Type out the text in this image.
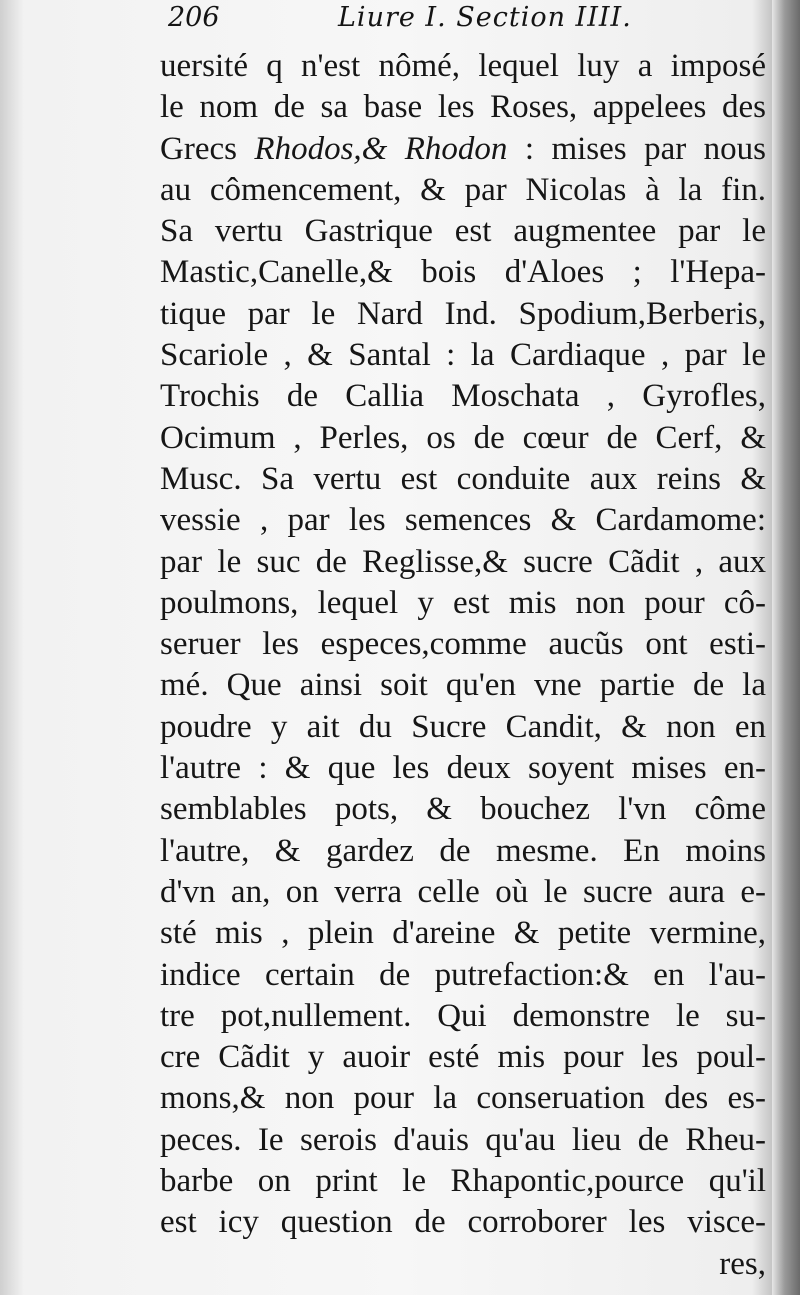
206	Liure I. Section IIII.
uersité q n'est nômé, lequel luy a imposé
le nom de sa base les Roses, appelees des
Grecs Rhodos,& Rhodon : mises par nous
au cômencement, & par Nicolas à la fin.
Sa vertu Gastrique est augmentee par le
Mastic,Canelle,& bois d'Aloes ; l'Hepa-
tique par le Nard Ind. Spodium,Berberis,
Scariole , & Santal : la Cardiaque , par le
Trochis de Callia Moschata , Gyrofles,
Ocimum , Perles, os de cœur de Cerf, &
Musc. Sa vertu est conduite aux reins &
vessie , par les semences & Cardamome:
par le suc de Reglisse,& sucre Cãdit , aux
poulmons, lequel y est mis non pour cô-
seruer les especes,comme aucũs ont esti-
mé. Que ainsi soit qu'en vne partie de la
poudre y ait du Sucre Candit, & non en
l'autre : & que les deux soyent mises en-
semblables pots, & bouchez l'vn côme
l'autre, & gardez de mesme. En moins
d'vn an, on verra celle où le sucre aura e-
sté mis , plein d'areine & petite vermine,
indice certain de putrefaction:& en l'au-
tre pot,nullement. Qui demonstre le su-
cre Cãdit y auoir esté mis pour les poul-
mons,& non pour la conseruation des es-
peces. Ie serois d'auis qu'au lieu de Rheu-
barbe on print le Rhapontic,pource qu'il
est icy question de corroborer les visce-
res,
